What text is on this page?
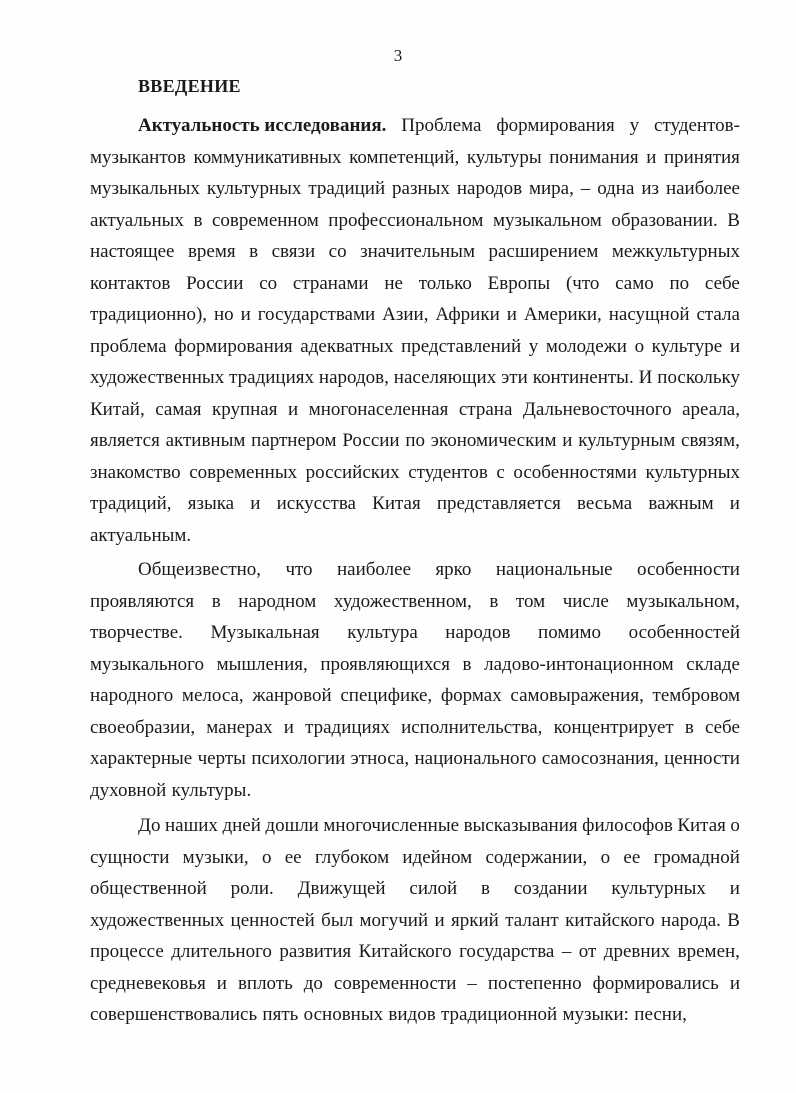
3
ВВЕДЕНИЕ
Актуальность исследования. Проблема формирования у студентов-
музыкантов коммуникативных компетенций, культуры понимания и принятия
музыкальных культурных традиций разных народов мира, – одна из наиболее
актуальных в современном профессиональном музыкальном образовании. В
настоящее время в связи со значительным расширением межкультурных
контактов России со странами не только Европы (что само по себе
традиционно), но и государствами Азии, Африки и Америки, насущной стала
проблема формирования адекватных представлений у молодежи о культуре и
художественных традициях народов, населяющих эти континенты. И поскольку
Китай, самая крупная и многонаселенная страна Дальневосточного ареала,
является активным партнером России по экономическим и культурным связям,
знакомство современных российских студентов с особенностями культурных
традиций, языка и искусства Китая представляется весьма важным и
актуальным.
Общеизвестно, что наиболее ярко национальные особенности
проявляются в народном художественном, в том числе музыкальном,
творчестве. Музыкальная культура народов помимо особенностей
музыкального мышления, проявляющихся в ладово-интонационном складе
народного мелоса, жанровой специфике, формах самовыражения, тембровом
своеобразии, манерах и традициях исполнительства, концентрирует в себе
характерные черты психологии этноса, национального самосознания, ценности
духовной культуры.
До наших дней дошли многочисленные высказывания философов Китая о
сущности музыки, о ее глубоком идейном содержании, о ее громадной
общественной роли. Движущей силой в создании культурных и
художественных ценностей был могучий и яркий талант китайского народа. В
процессе длительного развития Китайского государства – от древних времен,
средневековья и вплоть до современности – постепенно формировались и
совершенствовались пять основных видов традиционной музыки: песни,
